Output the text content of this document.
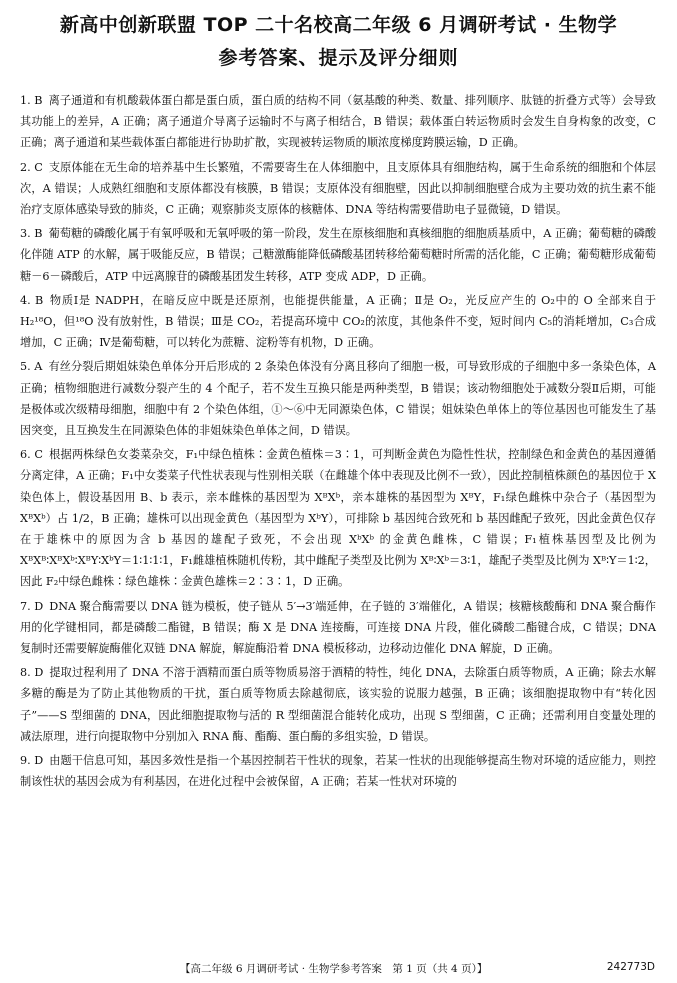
新高中创新联盟 TOP 二十名校高二年级 6 月调研考试 · 生物学
参考答案、提示及评分细则

1. B 离子通道和有机酸载体蛋白都是蛋白质，蛋白质的结构不同（氨基酸的种类、数量、排列顺序、肽链的折叠方式等）会导致其功能上的差异，A 正确；离子通道介导离子运输时不与离子相结合，B 错误；载体蛋白转运物质时会发生自身构象的改变，C 正确；离子通道和某些载体蛋白都能进行协助扩散，实现被转运物质的顺浓度梯度跨膜运输，D 正确。

2. C 支原体能在无生命的培养基中生长繁殖，不需要寄生在人体细胞中，且支原体具有细胞结构，属于生命系统的细胞和个体层次，A 错误；人成熟红细胞和支原体都没有核膜，B 错误；支原体没有细胞壁，因此以抑制细胞壁合成为主要功效的抗生素不能治疗支原体感染导致的肺炎，C 正确；观察肺炎支原体的核糖体、DNA 等结构需要借助电子显微镜，D 错误。

3. B 葡萄糖的磷酸化属于有氧呼吸和无氧呼吸的第一阶段，发生在原核细胞和真核细胞的细胞质基质中，A 正确；葡萄糖的磷酸化伴随 ATP 的水解，属于吸能反应，B 错误；己糖激酶能降低磷酸基团转移给葡萄糖时所需的活化能，C 正确；葡萄糖形成葡萄糖－6－磷酸后，ATP 中远离腺苷的磷酸基团发生转移，ATP 变成 ADP，D 正确。

4. B 物质Ⅰ是 NADPH，在暗反应中既是还原剂，也能提供能量，A 正确；Ⅱ是 O₂，光反应产生的 O₂中的 O 全部来自于 H₂¹⁸O，但¹⁸O 没有放射性，B 错误；Ⅲ是 CO₂，若提高环境中 CO₂的浓度，其他条件不变，短时间内 C₅的消耗增加，C₃合成增加，C 正确；Ⅳ是葡萄糖，可以转化为蔗糖、淀粉等有机物，D 正确。

5. A 有丝分裂后期姐妹染色单体分开后形成的 2 条染色体没有分离且移向了细胞一极，可导致形成的子细胞中多一条染色体，A 正确；植物细胞进行减数分裂产生的 4 个配子，若不发生互换只能是两种类型，B 错误；该动物细胞处于减数分裂Ⅱ后期，可能是极体或次级精母细胞，细胞中有 2 个染色体组，①～⑥中无同源染色体，C 错误；姐妹染色单体上的等位基因也可能发生了基因突变，且互换发生在同源染色体的非姐妹染色单体之间，D 错误。

6. C 根据两株绿色女娄菜杂交，F₁中绿色植株∶金黄色植株＝3∶1，可判断金黄色为隐性性状，控制绿色和金黄色的基因遵循分离定律，A 正确；F₁中女娄菜子代性状表现与性别相关联（在雌雄个体中表现及比例不一致），因此控制植株颜色的基因位于 X 染色体上，假设基因用 B、b 表示，亲本雌株的基因型为 XᴮXᵇ，亲本雄株的基因型为 XᴮY，F₁绿色雌株中杂合子（基因型为 XᴮXᵇ）占 1/2，B 正确；雄株可以出现金黄色（基因型为 XᵇY），可排除 b 基因纯合致死和 b 基因雌配子致死，因此金黄色仅存在于雄株中的原因为含 b 基因的雄配子致死，不会出现 XᵇXᵇ 的金黄色雌株，C 错误；F₁植株基因型及比例为 XᴮXᴮ∶XᴮXᵇ∶XᴮY∶XᵇY＝1∶1∶1∶1，F₁雌雄植株随机传粉，其中雌配子类型及比例为 Xᴮ∶Xᵇ＝3∶1，雄配子类型及比例为 Xᴮ∶Y＝1∶2，因此 F₂中绿色雌株∶绿色雄株∶金黄色雄株＝2∶3∶1，D 正确。

7. D DNA 聚合酶需要以 DNA 链为模板，使子链从 5′→3′端延伸，在子链的 3′端催化，A 错误；核糖核酸酶和 DNA 聚合酶作用的化学键相同，都是磷酸二酯键，B 错误；酶 X 是 DNA 连接酶，可连接 DNA 片段，催化磷酸二酯键合成，C 错误；DNA 复制时还需要解旋酶催化双链 DNA 解旋，解旋酶沿着 DNA 模板移动，边移动边催化 DNA 解旋，D 正确。

8. D 提取过程利用了 DNA 不溶于酒精而蛋白质等物质易溶于酒精的特性，纯化 DNA，去除蛋白质等物质，A 正确；除去水解多糖的酶是为了防止其他物质的干扰，蛋白质等物质去除越彻底，该实验的说服力越强，B 正确；该细胞提取物中有“转化因子”——S 型细菌的 DNA，因此细胞提取物与活的 R 型细菌混合能转化成功，出现 S 型细菌，C 正确；还需利用自变量处理的减法原理，进行向提取物中分别加入 RNA 酶、酯酶、蛋白酶的多组实验，D 错误。

9. D 由题干信息可知，基因多效性是指一个基因控制若干性状的现象，若某一性状的出现能够提高生物对环境的适应能力，则控制该性状的基因会成为有利基因，在进化过程中会被保留，A 正确；若某一性状对环境的

【高二年级 6 月调研考试 · 生物学参考答案　第 1 页（共 4 页）】	242773D
